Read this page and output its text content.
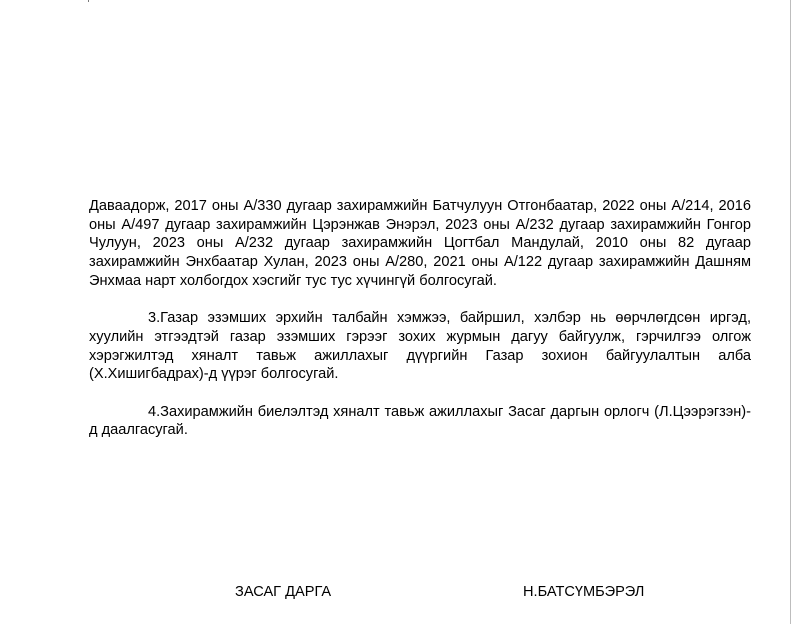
Даваадорж, 2017 оны А/330 дугаар захирамжийн Батчулуун Отгонбаатар, 2022 оны А/214, 2016 оны А/497 дугаар захирамжийн Цэрэнжав Энэрэл, 2023 оны А/232 дугаар захирамжийн Гонгор Чулуун, 2023 оны А/232 дугаар захирамжийн Цогтбал Мандулай, 2010 оны 82 дугаар захирамжийн Энхбаатар Хулан, 2023 оны А/280, 2021 оны А/122 дугаар захирамжийн Дашням Энхмаа нарт холбогдох хэсгийг тус тус хүчингүй болгосугай.

3.Газар эзэмших эрхийн талбайн хэмжээ, байршил, хэлбэр нь өөрчлөгдсөн иргэд, хуулийн этгээдтэй газар эзэмших гэрээг зохих журмын дагуу байгуулж, гэрчилгээ олгож хэрэгжилтэд хяналт тавьж ажиллахыг дүүргийн Газар зохион байгуулалтын алба (Х.Хишигбадрах)-д үүрэг болгосугай.

4.Захирамжийн биелэлтэд хяналт тавьж ажиллахыг Засаг даргын орлогч (Л.Цээрэгзэн)-д даалгасугай.

ЗАСАГ ДАРГА	Н.БАТСҮМБЭРЭЛ
